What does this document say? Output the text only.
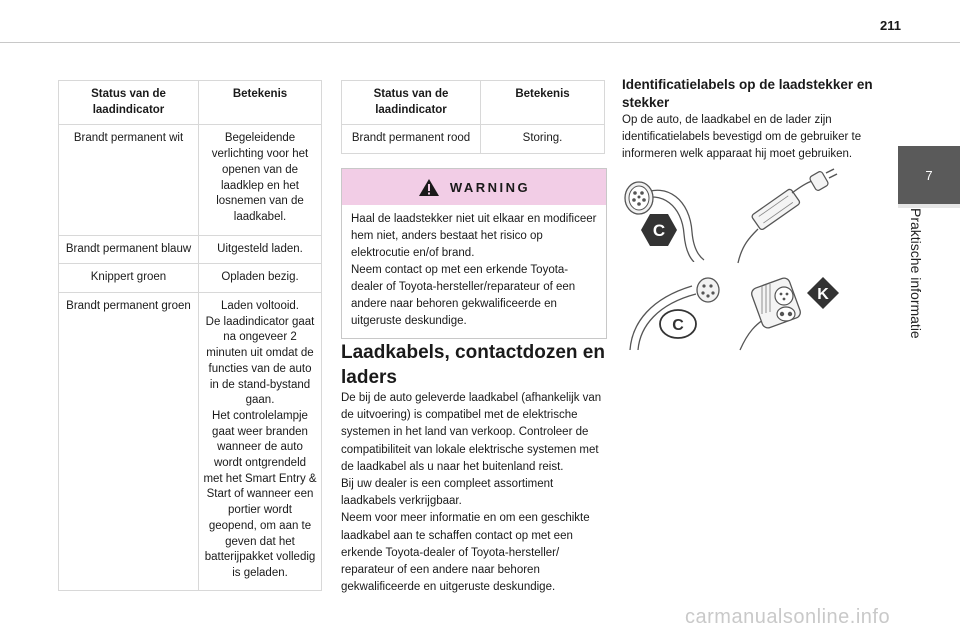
211
7
Praktische informatie
Status van de laadindicator	Betekenis
Brandt permanent wit	Begeleidende verlichting voor het openen van de laadklep en het losnemen van de laadkabel.
Brandt permanent blauw	Uitgesteld laden.
Knippert groen	Opladen bezig.
Brandt permanent groen	Laden voltooid.
De laadindicator gaat na ongeveer 2 minuten uit omdat de functies van de auto in de stand-bystand gaan.
Het controlelampje gaat weer branden wanneer de auto wordt ontgrendeld met het Smart Entry & Start of wanneer een portier wordt geopend, om aan te geven dat het batterijpakket volledig is geladen.
Status van de laadindicator	Betekenis
Brandt permanent rood	Storing.
WARNING
Haal de laadstekker niet uit elkaar en modificeer hem niet, anders bestaat het risico op elektrocutie en/of brand.
Neem contact op met een erkende Toyota-dealer of Toyota-hersteller/reparateur of een andere naar behoren gekwalificeerde en uitgeruste deskundige.
Laadkabels, contactdozen en laders
De bij de auto geleverde laadkabel (afhankelijk van de uitvoering) is compatibel met de elektrische systemen in het land van verkoop. Controleer de compatibiliteit van lokale elektrische systemen met de laadkabel als u naar het buitenland reist.
Bij uw dealer is een compleet assortiment laadkabels verkrijgbaar.
Neem voor meer informatie en om een geschikte laadkabel aan te schaffen contact op met een erkende Toyota-dealer of Toyota-hersteller/ reparateur of een andere naar behoren gekwalificeerde en uitgeruste deskundige.
Identificatielabels op de laadstekker en stekker
Op de auto, de laadkabel en de lader zijn identificatielabels bevestigd om de gebruiker te informeren welk apparaat hij moet gebruiken.
C
C
K
carmanualsonline.info
